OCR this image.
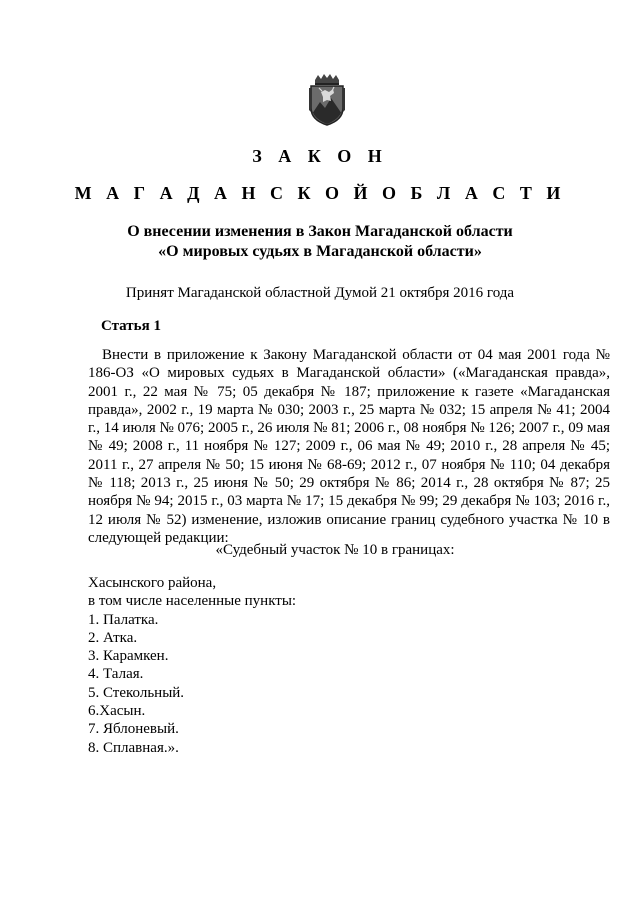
З А К О Н
М А Г А Д А Н С К О Й О Б Л А С Т И
О внесении изменения в Закон Магаданской области
«О мировых судьях в Магаданской области»
Принят Магаданской областной Думой 21 октября 2016 года
Статья 1

Внести в приложение к Закону Магаданской области от 04 мая 2001 года № 186-ОЗ «О мировых судьях в Магаданской области» («Магаданская правда», 2001 г., 22 мая № 75; 05 декабря № 187; приложение к газете «Магаданская правда», 2002 г., 19 марта № 030; 2003 г., 25 марта № 032; 15 апреля № 41; 2004 г., 14 июля № 076; 2005 г., 26 июля № 81; 2006 г., 08 ноября № 126; 2007 г., 09 мая № 49; 2008 г., 11 ноября № 127; 2009 г., 06 мая № 49; 2010 г., 28 апреля № 45; 2011 г., 27 апреля № 50; 15 июня № 68-69; 2012 г., 07 ноября № 110; 04 декабря № 118; 2013 г., 25 июня № 50; 29 октября № 86; 2014 г., 28 октября № 87; 25 ноября № 94; 2015 г., 03 марта № 17; 15 декабря № 99; 29 декабря № 103; 2016 г., 12 июля № 52) изменение, изложив описание границ судебного участка № 10 в следующей редакции:

«Судебный участок № 10 в границах:
Хасынского района,
в том числе населенные пункты:
1. Палатка.
2. Атка.
3. Карамкен.
4. Талая.
5. Стекольный.
6.Хасын.
7. Яблоневый.
8. Сплавная.».
